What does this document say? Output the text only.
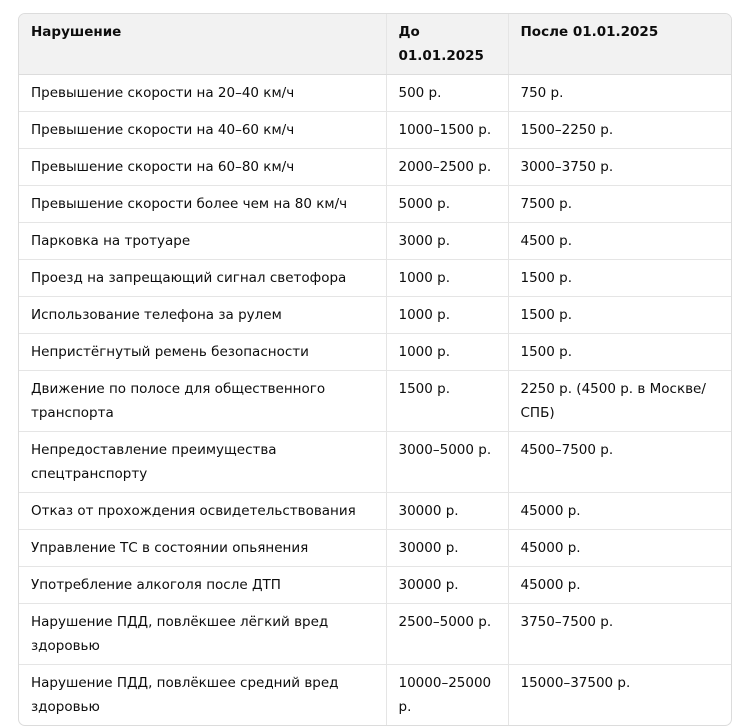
Нарушение	До 01.01.2025	После 01.01.2025
Превышение скорости на 20–40 км/ч	500 р.	750 р.
Превышение скорости на 40–60 км/ч	1000–1500 р.	1500–2250 р.
Превышение скорости на 60–80 км/ч	2000–2500 р.	3000–3750 р.
Превышение скорости более чем на 80 км/ч	5000 р.	7500 р.
Парковка на тротуаре	3000 р.	4500 р.
Проезд на запрещающий сигнал светофора	1000 р.	1500 р.
Использование телефона за рулем	1000 р.	1500 р.
Непристёгнутый ремень безопасности	1000 р.	1500 р.
Движение по полосе для общественного транспорта	1500 р.	2250 р. (4500 р. в Москве/СПБ)
Непредоставление преимущества спецтранспорту	3000–5000 р.	4500–7500 р.
Отказ от прохождения освидетельствования	30000 р.	45000 р.
Управление ТС в состоянии опьянения	30000 р.	45000 р.
Употребление алкоголя после ДТП	30000 р.	45000 р.
Нарушение ПДД, повлёкшее лёгкий вред здоровью	2500–5000 р.	3750–7500 р.
Нарушение ПДД, повлёкшее средний вред здоровью	10000–25000 р.	15000–37500 р.
